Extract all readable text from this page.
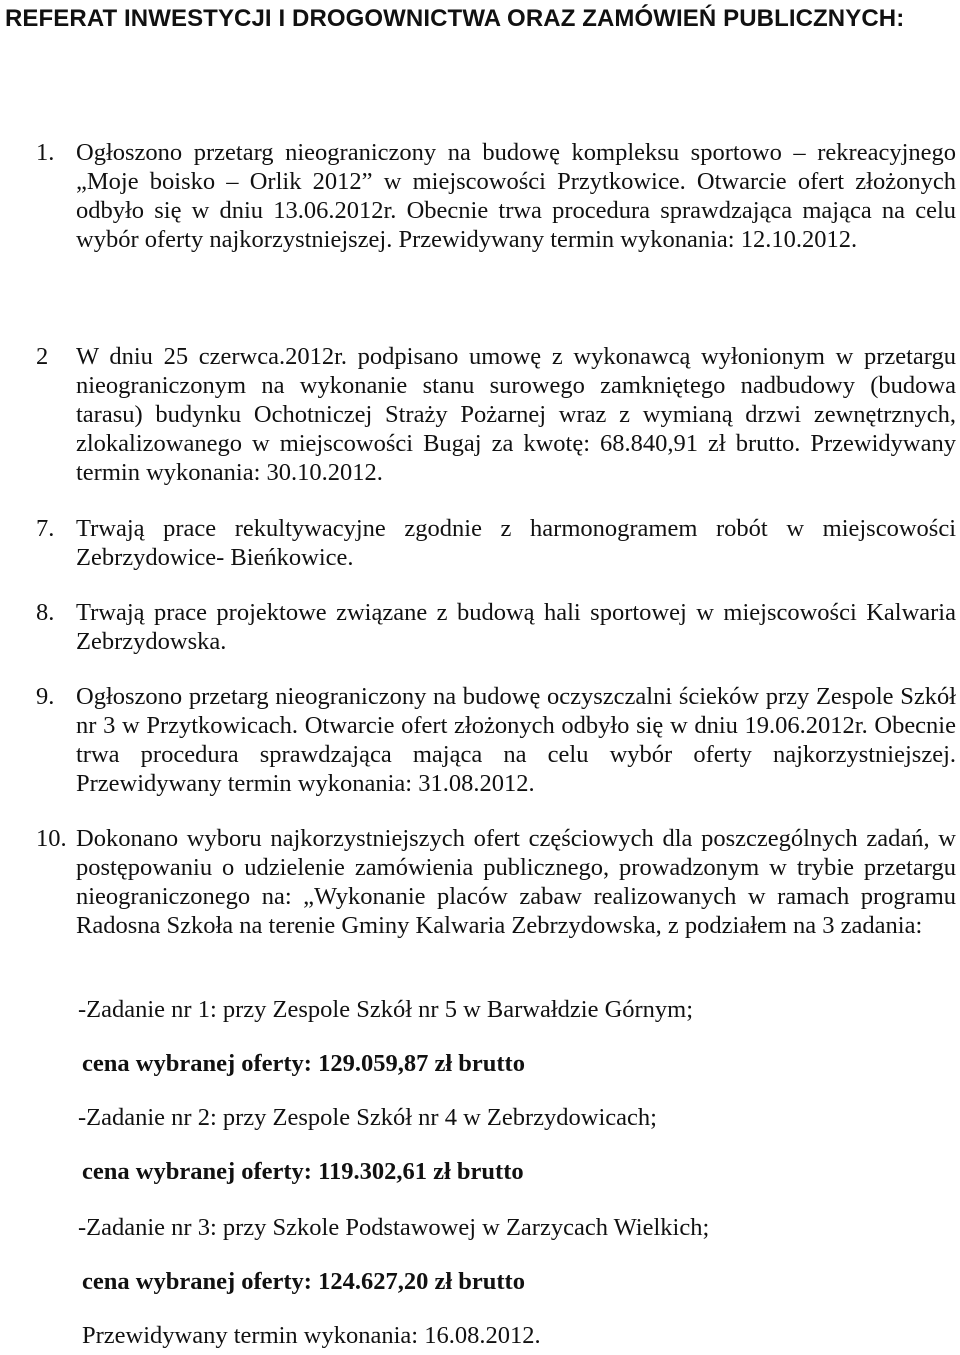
REFERAT INWESTYCJI I DROGOWNICTWA ORAZ ZAMÓWIEŃ PUBLICZNYCH:
1. Ogłoszono przetarg nieograniczony na budowę kompleksu sportowo – rekreacyjnego „Moje boisko – Orlik 2012” w miejscowości Przytkowice. Otwarcie ofert złożonych odbyło się w dniu 13.06.2012r. Obecnie trwa procedura sprawdzająca mająca na celu wybór oferty najkorzystniejszej. Przewidywany termin wykonania: 12.10.2012.

2 W dniu 25 czerwca.2012r. podpisano umowę z wykonawcą wyłonionym w przetargu nieograniczonym na wykonanie stanu surowego zamkniętego nadbudowy (budowa tarasu) budynku Ochotniczej Straży Pożarnej wraz z wymianą drzwi zewnętrznych, zlokalizowanego w miejscowości Bugaj za kwotę: 68.840,91 zł brutto. Przewidywany termin wykonania: 30.10.2012.

7. Trwają prace rekultywacyjne zgodnie z harmonogramem robót w miejscowości Zebrzydowice- Bieńkowice.

8. Trwają prace projektowe związane z budową hali sportowej w miejscowości Kalwaria Zebrzydowska.

9. Ogłoszono przetarg nieograniczony na budowę oczyszczalni ścieków przy Zespole Szkół nr 3 w Przytkowicach. Otwarcie ofert złożonych odbyło się w dniu 19.06.2012r. Obecnie trwa procedura sprawdzająca mająca na celu wybór oferty najkorzystniejszej. Przewidywany termin wykonania: 31.08.2012.

10. Dokonano wyboru najkorzystniejszych ofert częściowych dla poszczególnych zadań, w postępowaniu o udzielenie zamówienia publicznego, prowadzonym w trybie przetargu nieograniczonego na: „Wykonanie placów zabaw realizowanych w ramach programu Radosna Szkoła na terenie Gminy Kalwaria Zebrzydowska, z podziałem na 3 zadania:

-Zadanie nr 1: przy Zespole Szkół nr 5 w Barwałdzie Górnym;
cena wybranej oferty: 129.059,87 zł brutto
-Zadanie nr 2: przy Zespole Szkół nr 4 w Zebrzydowicach;
cena wybranej oferty: 119.302,61 zł brutto
-Zadanie nr 3: przy Szkole Podstawowej w Zarzycach Wielkich;
cena wybranej oferty: 124.627,20 zł brutto
Przewidywany termin wykonania: 16.08.2012.
